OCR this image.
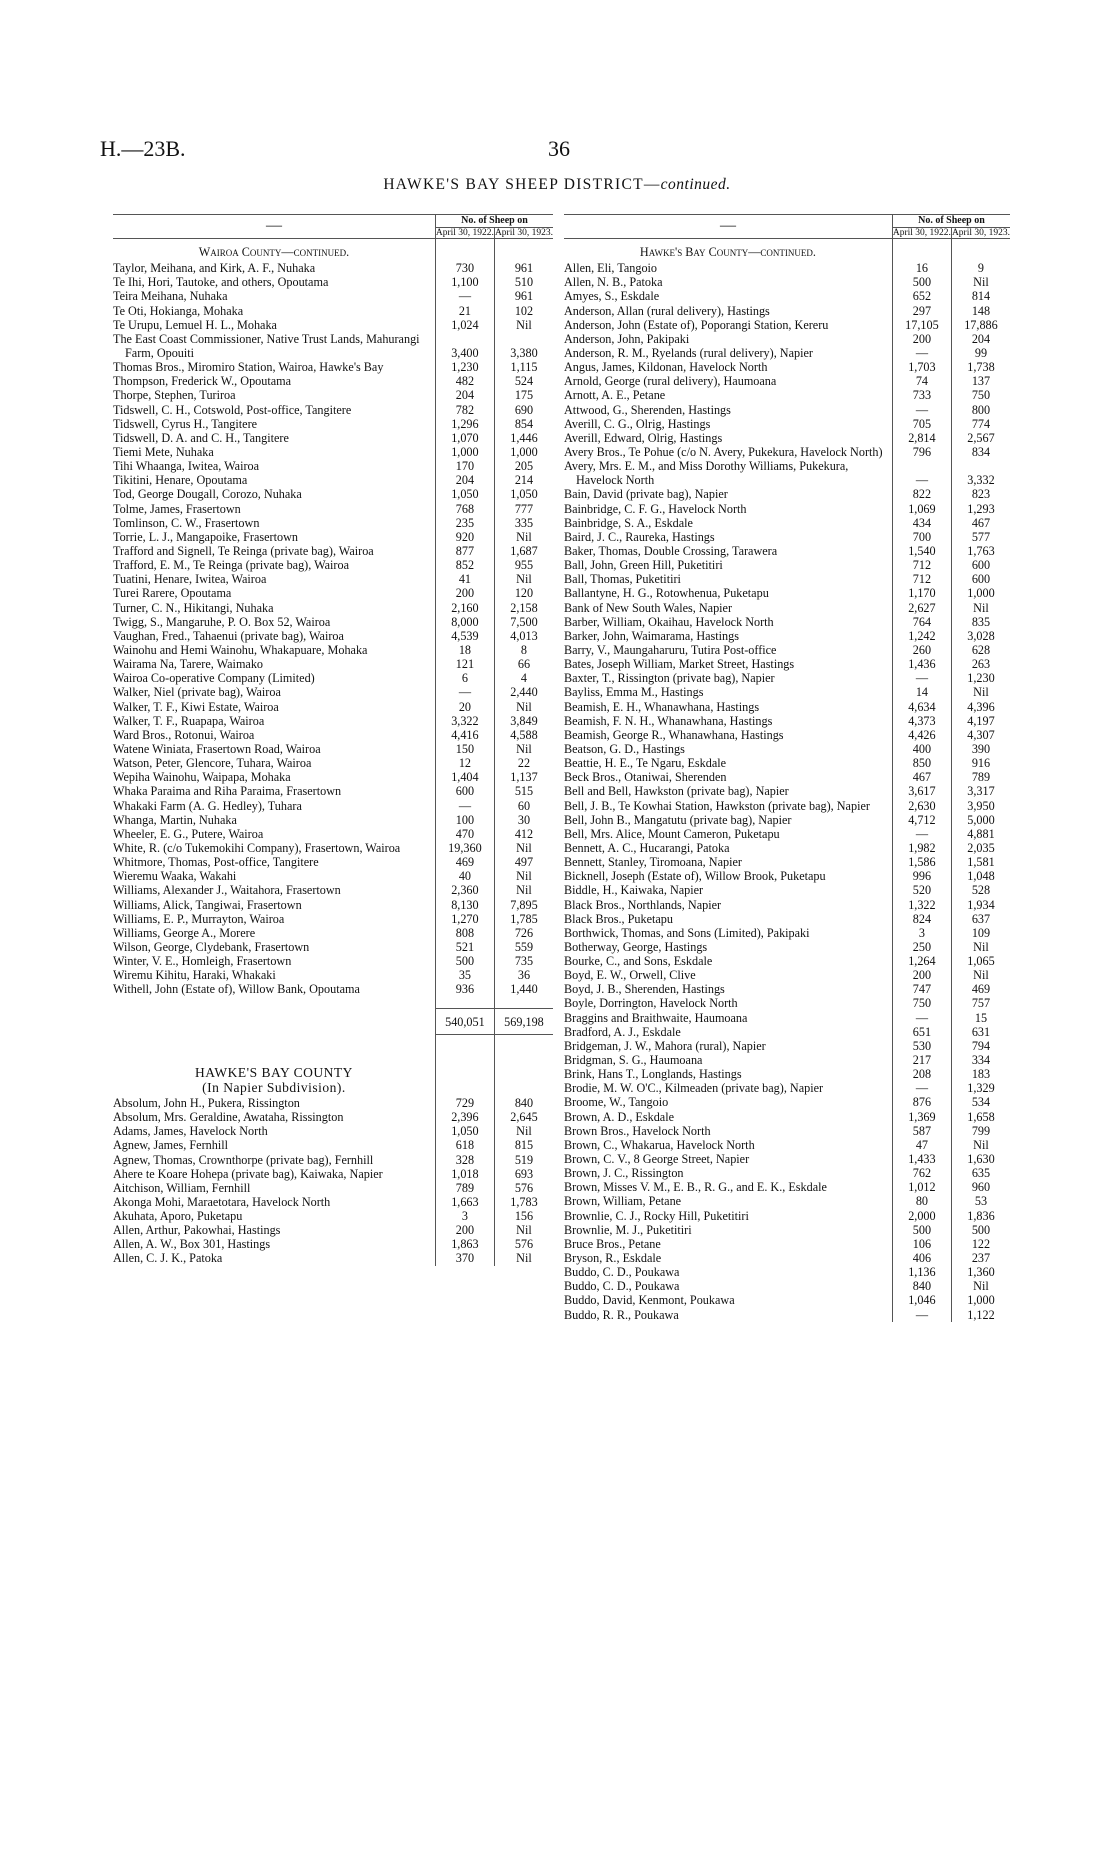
H.—23B.	36
HAWKE'S BAY SHEEP DISTRICT—continued.
—	No. of Sheep on	
	April 30, 1922.	April 30, 1923.

Wairoa County—continued.		
Taylor, Meihana, and Kirk, A. F., Nuhaka	730	961
Te Ihi, Hori, Tautoke, and others, Opoutama	1,100	510
Teira Meihana, Nuhaka	—	961
Te Oti, Hokianga, Mohaka	21	102
Te Urupu, Lemuel H. L., Mohaka	1,024	Nil
The East Coast Commissioner, Native Trust Lands, Mahurangi Farm, Opouiti	3,400	3,380
Thomas Bros., Miromiro Station, Wairoa, Hawke's Bay	1,230	1,115
Thompson, Frederick W., Opoutama	482	524
Thorpe, Stephen, Turiroa	204	175
Tidswell, C. H., Cotswold, Post-office, Tangitere	782	690
Tidswell, Cyrus H., Tangitere	1,296	854
Tidswell, D. A. and C. H., Tangitere	1,070	1,446
Tiemi Mete, Nuhaka	1,000	1,000
Tihi Whaanga, Iwitea, Wairoa	170	205
Tikitini, Henare, Opoutama	204	214
Tod, George Dougall, Corozo, Nuhaka	1,050	1,050
Tolme, James, Frasertown	768	777
Tomlinson, C. W., Frasertown	235	335
Torrie, L. J., Mangapoike, Frasertown	920	Nil
Trafford and Signell, Te Reinga (private bag), Wairoa	877	1,687
Trafford, E. M., Te Reinga (private bag), Wairoa	852	955
Tuatini, Henare, Iwitea, Wairoa	41	Nil
Turei Rarere, Opoutama	200	120
Turner, C. N., Hikitangi, Nuhaka	2,160	2,158
Twigg, S., Mangaruhe, P. O. Box 52, Wairoa	8,000	7,500
Vaughan, Fred., Tahaenui (private bag), Wairoa	4,539	4,013
Wainohu and Hemi Wainohu, Whakapuare, Mohaka	18	8
Wairama Na, Tarere, Waimako	121	66
Wairoa Co-operative Company (Limited)	6	4
Walker, Niel (private bag), Wairoa	—	2,440
Walker, T. F., Kiwi Estate, Wairoa	20	Nil
Walker, T. F., Ruapapa, Wairoa	3,322	3,849
Ward Bros., Rotonui, Wairoa	4,416	4,588
Watene Winiata, Frasertown Road, Wairoa	150	Nil
Watson, Peter, Glencore, Tuhara, Wairoa	12	22
Wepiha Wainohu, Waipapa, Mohaka	1,404	1,137
Whaka Paraima and Riha Paraima, Frasertown	600	515
Whakaki Farm (A. G. Hedley), Tuhara	—	60
Whanga, Martin, Nuhaka	100	30
Wheeler, E. G., Putere, Wairoa	470	412
White, R. (c/o Tukemokihi Company), Frasertown, Wairoa	19,360	Nil
Whitmore, Thomas, Post-office, Tangitere	469	497
Wieremu Waaka, Wakahi	40	Nil
Williams, Alexander J., Waitahora, Frasertown	2,360	Nil
Williams, Alick, Tangiwai, Frasertown	8,130	7,895
Williams, E. P., Murrayton, Wairoa	1,270	1,785
Williams, George A., Morere	808	726
Wilson, George, Clydebank, Frasertown	521	559
Winter, V. E., Homleigh, Frasertown	500	735
Wiremu Kihitu, Haraki, Whakaki	35	36
Withell, John (Estate of), Willow Bank, Opoutama	936	1,440

	540,051	569,198

HAWKE'S BAY COUNTY		
(In Napier Subdivision).		
Absolum, John H., Pukera, Rissington	729	840
Absolum, Mrs. Geraldine, Awataha, Rissington	2,396	2,645
Adams, James, Havelock North	1,050	Nil
Agnew, James, Fernhill	618	815
Agnew, Thomas, Crownthorpe (private bag), Fernhill	328	519
Ahere te Koare Hohepa (private bag), Kaiwaka, Napier	1,018	693
Aitchison, William, Fernhill	789	576
Akonga Mohi, Maraetotara, Havelock North	1,663	1,783
Akuhata, Aporo, Puketapu	3	156
Allen, Arthur, Pakowhai, Hastings	200	Nil
Allen, A. W., Box 301, Hastings	1,863	576
Allen, C. J. K., Patoka	370	Nil
—	No. of Sheep on	
	April 30, 1922.	April 30, 1923.

Hawke's Bay County—continued.		
Allen, Eli, Tangoio	16	9
Allen, N. B., Patoka	500	Nil
Amyes, S., Eskdale	652	814
Anderson, Allan (rural delivery), Hastings	297	148
Anderson, John (Estate of), Poporangi Station, Kereru	17,105	17,886
Anderson, John, Pakipaki	200	204
Anderson, R. M., Ryelands (rural delivery), Napier	—	99
Angus, James, Kildonan, Havelock North	1,703	1,738
Arnold, George (rural delivery), Haumoana	74	137
Arnott, A. E., Petane	733	750
Attwood, G., Sherenden, Hastings	—	800
Averill, C. G., Olrig, Hastings	705	774
Averill, Edward, Olrig, Hastings	2,814	2,567
Avery Bros., Te Pohue (c/o N. Avery, Pukekura, Havelock North)	796	834
Avery, Mrs. E. M., and Miss Dorothy Williams, Pukekura, Havelock North	—	3,332
Bain, David (private bag), Napier	822	823
Bainbridge, C. F. G., Havelock North	1,069	1,293
Bainbridge, S. A., Eskdale	434	467
Baird, J. C., Raureka, Hastings	700	577
Baker, Thomas, Double Crossing, Tarawera	1,540	1,763
Ball, John, Green Hill, Puketitiri	712	600
Ball, Thomas, Puketitiri	712	600
Ballantyne, H. G., Rotowhenua, Puketapu	1,170	1,000
Bank of New South Wales, Napier	2,627	Nil
Barber, William, Okaihau, Havelock North	764	835
Barker, John, Waimarama, Hastings	1,242	3,028
Barry, V., Maungaharuru, Tutira Post-office	260	628
Bates, Joseph William, Market Street, Hastings	1,436	263
Baxter, T., Rissington (private bag), Napier	—	1,230
Bayliss, Emma M., Hastings	14	Nil
Beamish, E. H., Whanawhana, Hastings	4,634	4,396
Beamish, F. N. H., Whanawhana, Hastings	4,373	4,197
Beamish, George R., Whanawhana, Hastings	4,426	4,307
Beatson, G. D., Hastings	400	390
Beattie, H. E., Te Ngaru, Eskdale	850	916
Beck Bros., Otaniwai, Sherenden	467	789
Bell and Bell, Hawkston (private bag), Napier	3,617	3,317
Bell, J. B., Te Kowhai Station, Hawkston (private bag), Napier	2,630	3,950
Bell, John B., Mangatutu (private bag), Napier	4,712	5,000
Bell, Mrs. Alice, Mount Cameron, Puketapu	—	4,881
Bennett, A. C., Hucarangi, Patoka	1,982	2,035
Bennett, Stanley, Tiromoana, Napier	1,586	1,581
Bicknell, Joseph (Estate of), Willow Brook, Puketapu	996	1,048
Biddle, H., Kaiwaka, Napier	520	528
Black Bros., Northlands, Napier	1,322	1,934
Black Bros., Puketapu	824	637
Borthwick, Thomas, and Sons (Limited), Pakipaki	3	109
Botherway, George, Hastings	250	Nil
Bourke, C., and Sons, Eskdale	1,264	1,065
Boyd, E. W., Orwell, Clive	200	Nil
Boyd, J. B., Sherenden, Hastings	747	469
Boyle, Dorrington, Havelock North	750	757
Braggins and Braithwaite, Haumoana	—	15
Bradford, A. J., Eskdale	651	631
Bridgeman, J. W., Mahora (rural), Napier	530	794
Bridgman, S. G., Haumoana	217	334
Brink, Hans T., Longlands, Hastings	208	183
Brodie, M. W. O'C., Kilmeaden (private bag), Napier	—	1,329
Broome, W., Tangoio	876	534
Brown, A. D., Eskdale	1,369	1,658
Brown Bros., Havelock North	587	799
Brown, C., Whakarua, Havelock North	47	Nil
Brown, C. V., 8 George Street, Napier	1,433	1,630
Brown, J. C., Rissington	762	635
Brown, Misses V. M., E. B., R. G., and E. K., Eskdale	1,012	960
Brown, William, Petane	80	53
Brownlie, C. J., Rocky Hill, Puketitiri	2,000	1,836
Brownlie, M. J., Puketitiri	500	500
Bruce Bros., Petane	106	122
Bryson, R., Eskdale	406	237
Buddo, C. D., Poukawa	1,136	1,360
Buddo, C. D., Poukawa	840	Nil
Buddo, David, Kenmont, Poukawa	1,046	1,000
Buddo, R. R., Poukawa	—	1,122
